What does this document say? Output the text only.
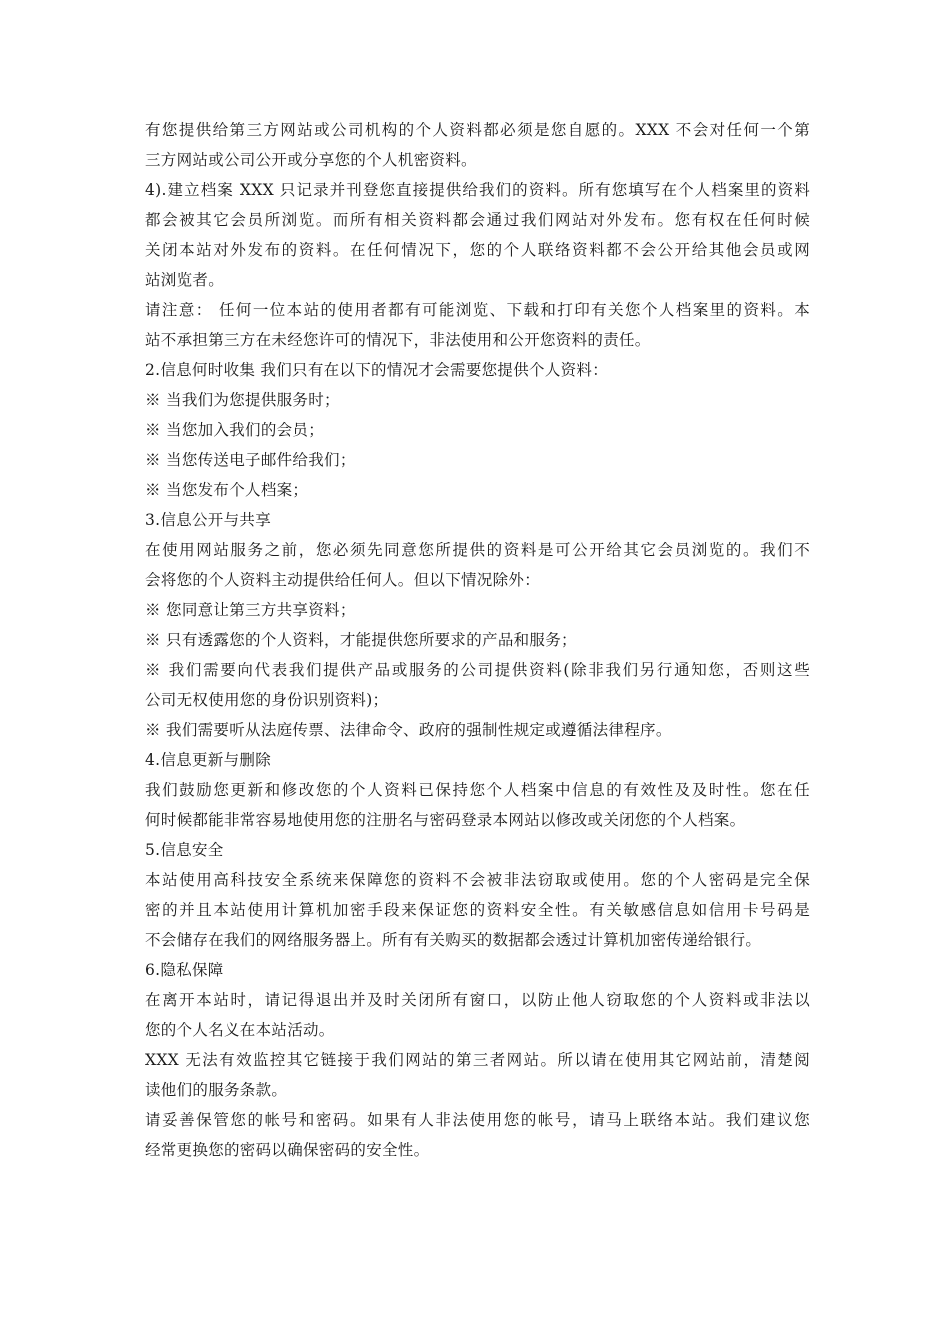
有您提供给第三方网站或公司机构的个人资料都必须是您自愿的。XXX 不会对任何一个第
三方网站或公司公开或分享您的个人机密资料。
4).建立档案 XXX 只记录并刊登您直接提供给我们的资料。所有您填写在个人档案里的资料
都会被其它会员所浏览。而所有相关资料都会通过我们网站对外发布。您有权在任何时候
关闭本站对外发布的资料。在任何情况下，您的个人联络资料都不会公开给其他会员或网
站浏览者。
请注意： 任何一位本站的使用者都有可能浏览、下载和打印有关您个人档案里的资料。本
站不承担第三方在未经您许可的情况下，非法使用和公开您资料的责任。
2.信息何时收集 我们只有在以下的情况才会需要您提供个人资料：
※ 当我们为您提供服务时；
※ 当您加入我们的会员；
※ 当您传送电子邮件给我们；
※ 当您发布个人档案；
3.信息公开与共享
在使用网站服务之前，您必须先同意您所提供的资料是可公开给其它会员浏览的。我们不
会将您的个人资料主动提供给任何人。但以下情况除外：
※ 您同意让第三方共享资料；
※ 只有透露您的个人资料，才能提供您所要求的产品和服务；
※ 我们需要向代表我们提供产品或服务的公司提供资料(除非我们另行通知您，否则这些
公司无权使用您的身份识别资料)；
※ 我们需要听从法庭传票、法律命令、政府的强制性规定或遵循法律程序。
4.信息更新与删除
我们鼓励您更新和修改您的个人资料已保持您个人档案中信息的有效性及及时性。您在任
何时候都能非常容易地使用您的注册名与密码登录本网站以修改或关闭您的个人档案。
5.信息安全
本站使用高科技安全系统来保障您的资料不会被非法窃取或使用。您的个人密码是完全保
密的并且本站使用计算机加密手段来保证您的资料安全性。有关敏感信息如信用卡号码是
不会储存在我们的网络服务器上。所有有关购买的数据都会透过计算机加密传递给银行。
6.隐私保障
在离开本站时，请记得退出并及时关闭所有窗口，以防止他人窃取您的个人资料或非法以
您的个人名义在本站活动。
XXX 无法有效监控其它链接于我们网站的第三者网站。所以请在使用其它网站前，清楚阅
读他们的服务条款。
请妥善保管您的帐号和密码。如果有人非法使用您的帐号，请马上联络本站。我们建议您
经常更换您的密码以确保密码的安全性。
